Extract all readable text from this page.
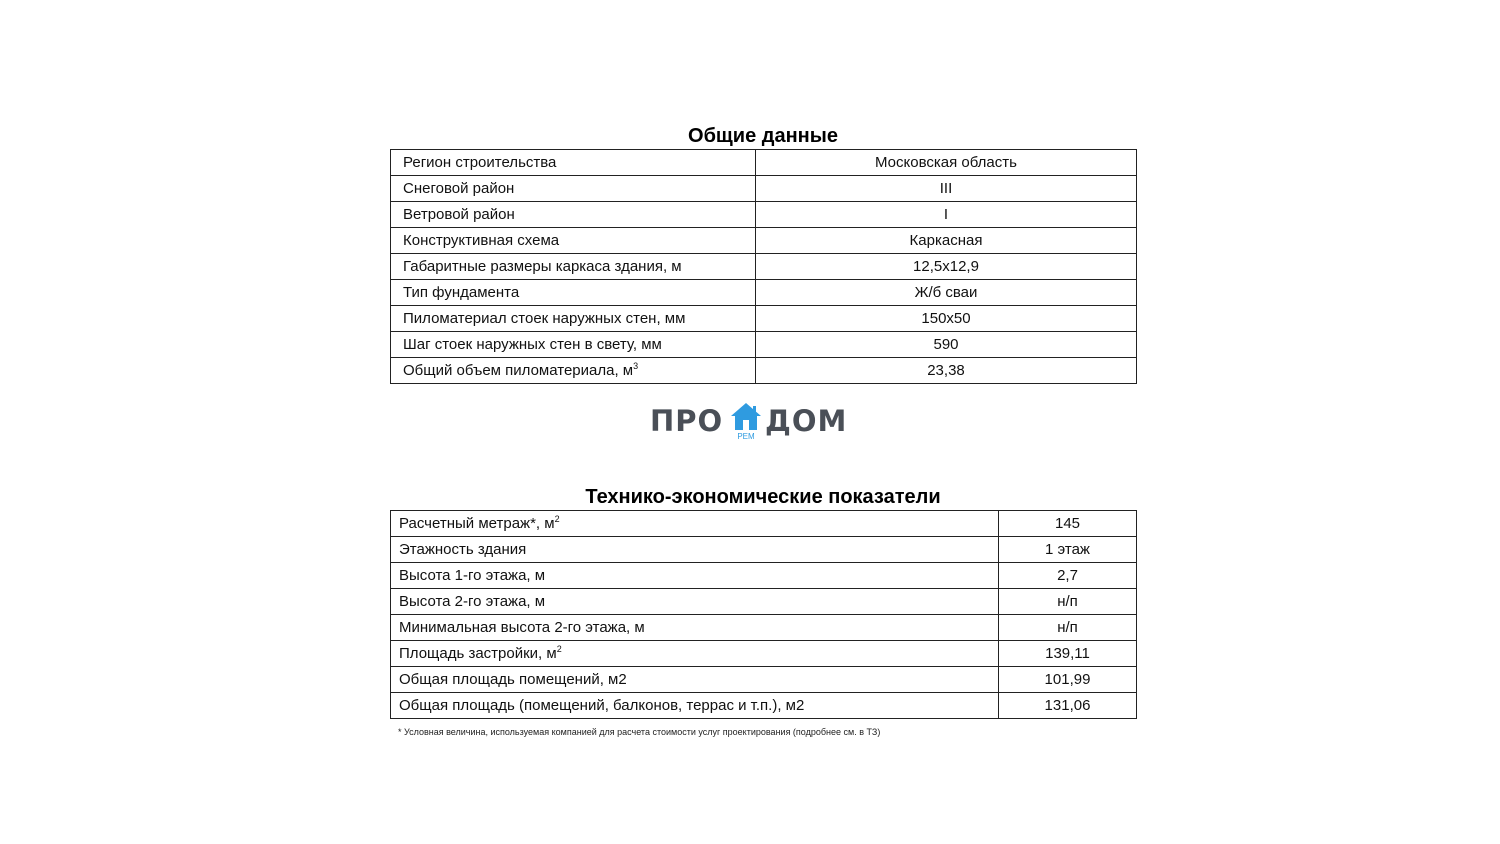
Общие данные
Регион строительства	Московская область
Снеговой район	III
Ветровой район	I
Конструктивная схема	Каркасная
Габаритные размеры каркаса здания, м	12,5х12,9
Тип фундамента	Ж/б сваи
Пиломатериал стоек наружных стен, мм	150х50
Шаг стоек наружных стен в свету, мм	590
Общий объем пиломатериала, $м^3$	23,38
ПРО	РЕМ ДОМ
Технико-экономические показатели
Расчетный метраж*, $м^2$	145
Этажность здания	1 этаж
Высота 1-го этажа, м	2,7
Высота 2-го этажа, м	н/п
Минимальная высота 2-го этажа, м	н/п
Площадь застройки, $м^2$	139,11
Общая площадь помещений, м2	101,99
Общая площадь (помещений, балконов, террас и т.п.), м2	131,06
* Условная величина, используемая компанией для расчета стоимости услуг проектирования (подробнее см. в ТЗ)
